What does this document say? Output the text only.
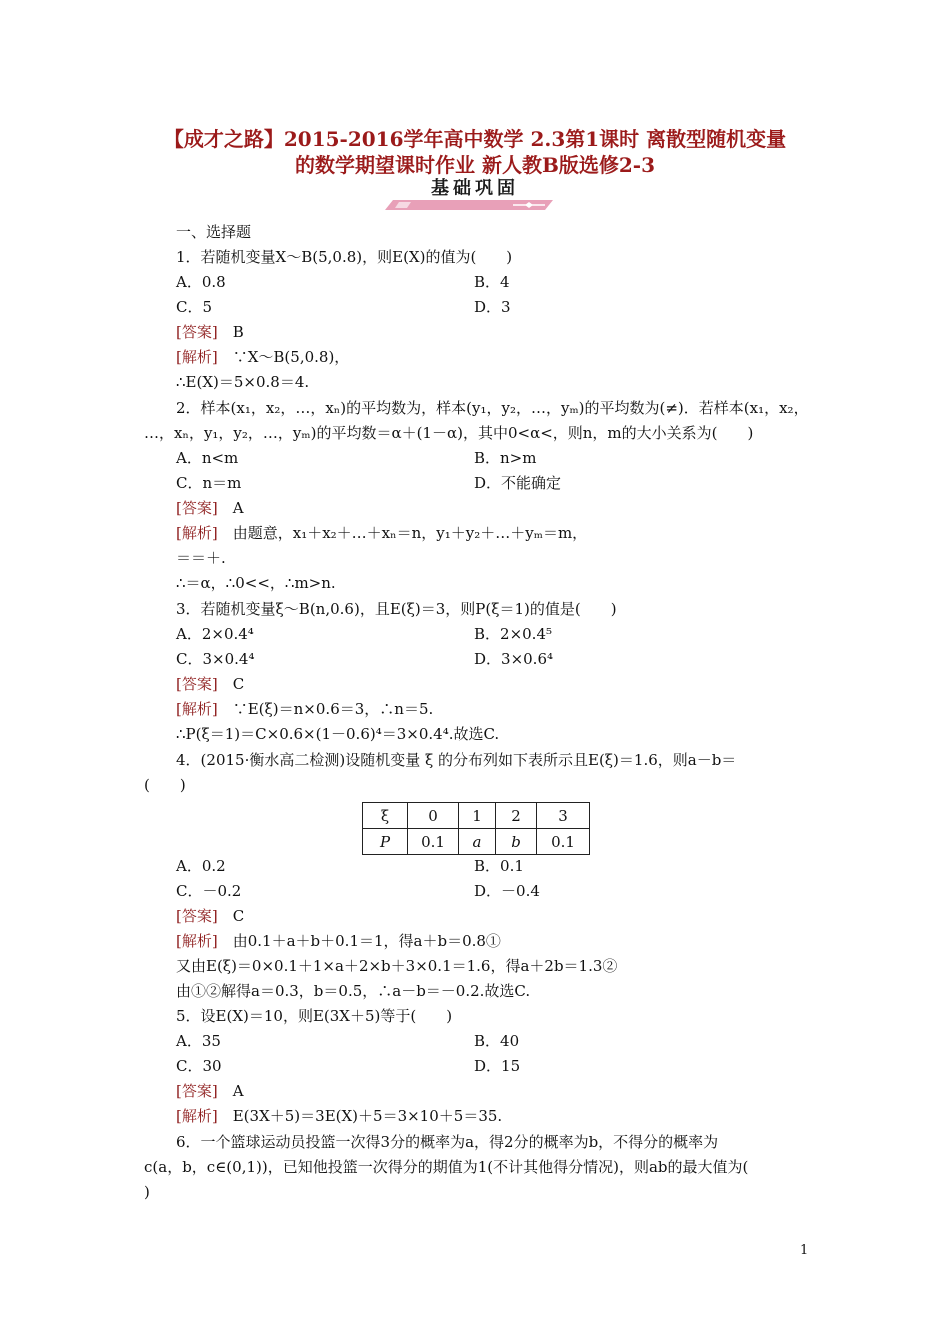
【成才之路】2015-2016学年高中数学 2.3第1课时 离散型随机变量
的数学期望课时作业 新人教B版选修2-3
基础巩固
一、选择题
1．若随机变量X～B(5,0.8)，则E(X)的值为(　　)
A．0.8	B．4
C．5	D．3
[答案]　 B
[解析]　 ∵X～B(5,0.8)，
∴E(X)＝5×0.8＝4.
2．样本(x₁，x₂，…，xₙ)的平均数为，样本(y₁，y₂，…，yₘ)的平均数为(≠)．若样本(x₁，x₂，
…，xₙ，y₁，y₂，…，yₘ)的平均数＝α＋(1－α)，其中0<α<，则n，m的大小关系为(　　)
A．n<m	B．n>m
C．n＝m	D．不能确定
[答案]　 A
[解析]　 由题意，x₁＋x₂＋…＋xₙ＝n，y₁＋y₂＋…＋yₘ＝m，
＝＝＋.
∴＝α，∴0<<，∴m>n.
3．若随机变量ξ～B(n,0.6)，且E(ξ)＝3，则P(ξ＝1)的值是(　　)
A．2×0.4⁴	B．2×0.4⁵
C．3×0.4⁴	D．3×0.6⁴
[答案]　 C
[解析]　 ∵E(ξ)＝n×0.6＝3，∴n＝5.
∴P(ξ＝1)＝C×0.6×(1－0.6)⁴＝3×0.4⁴.故选C.
4．(2015·衡水高二检测)设随机变量 ξ 的分布列如下表所示且E(ξ)＝1.6，则a－b＝
(　　)
ξ	0	1	2	3
P	0.1	a	b	0.1
A．0.2	B．0.1
C．－0.2	D．－0.4
[答案]　 C
[解析]　 由0.1＋a＋b＋0.1＝1，得a＋b＝0.8①
又由E(ξ)＝0×0.1＋1×a＋2×b＋3×0.1＝1.6，得a＋2b＝1.3②
由①②解得a＝0.3，b＝0.5，∴a－b＝－0.2.故选C.
5．设E(X)＝10，则E(3X＋5)等于(　　)
A．35	B．40
C．30	D．15
[答案]　 A
[解析]　 E(3X＋5)＝3E(X)＋5＝3×10＋5＝35.
6．一个篮球运动员投篮一次得3分的概率为a，得2分的概率为b，不得分的概率为
c(a，b，c∈(0,1))，已知他投篮一次得分的期值为1(不计其他得分情况)，则ab的最大值为(
)
1
